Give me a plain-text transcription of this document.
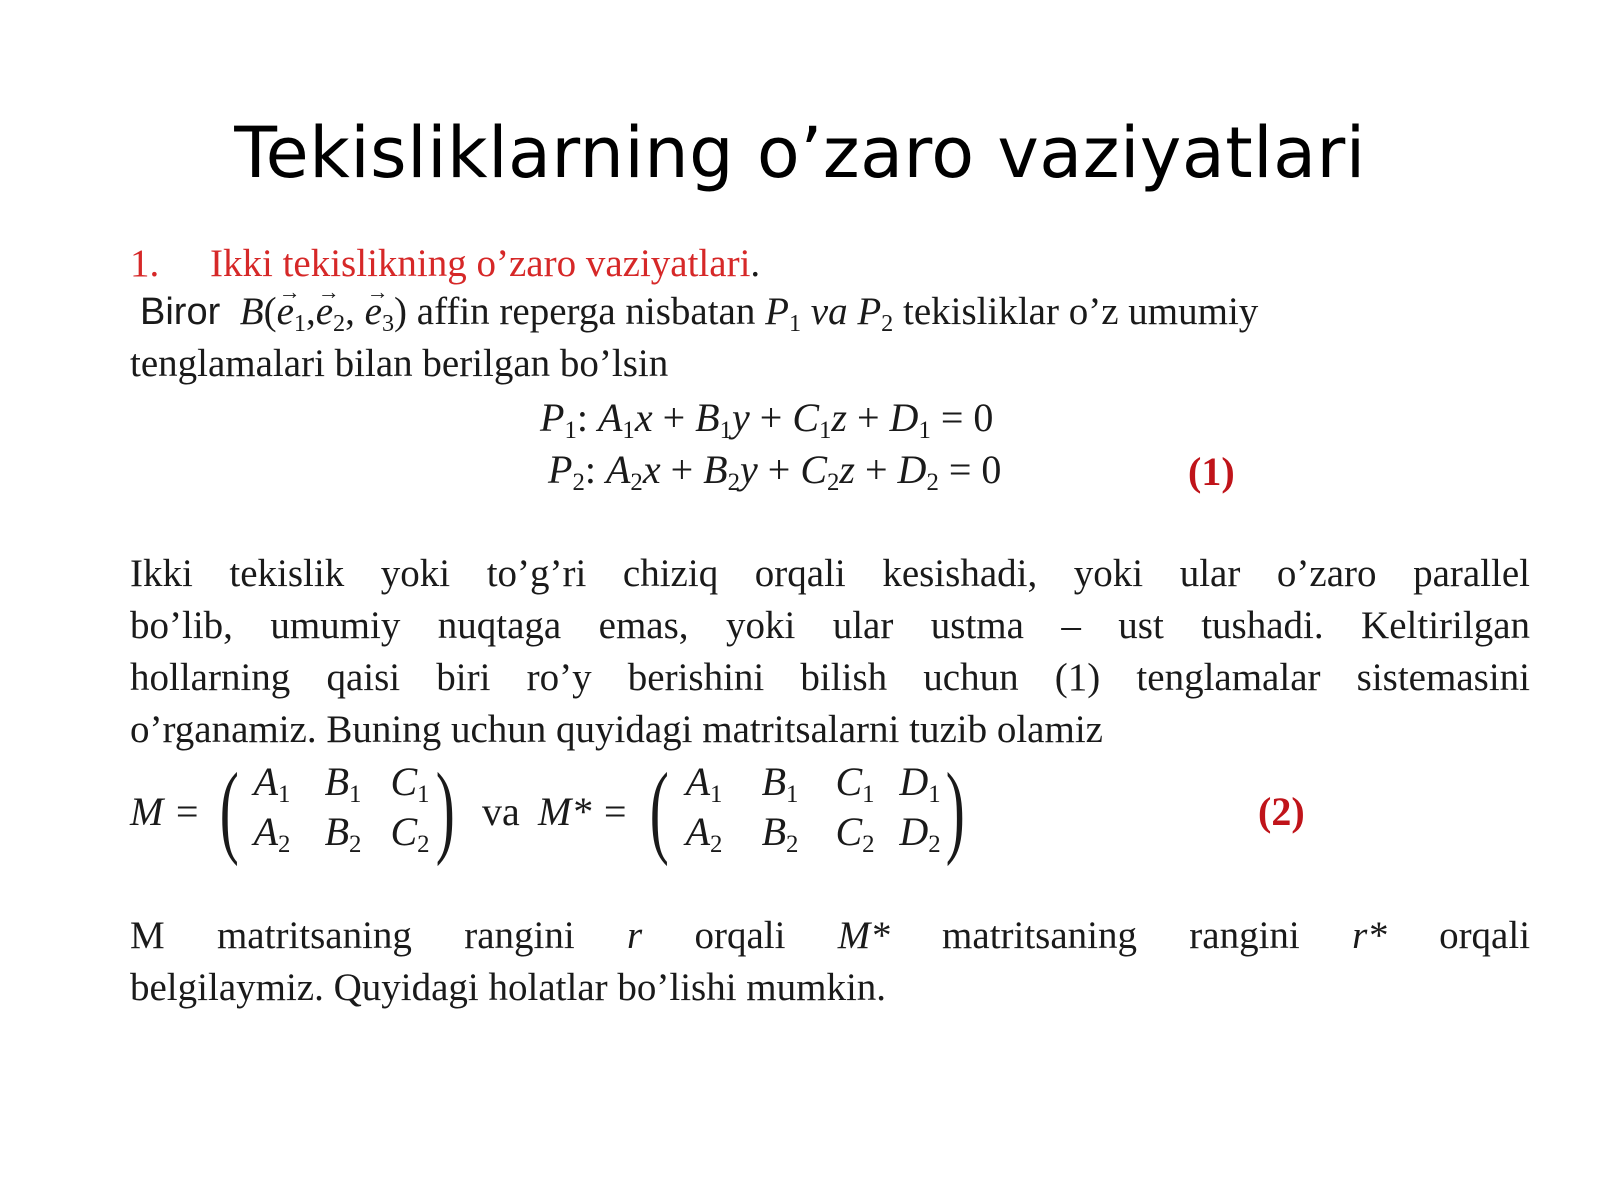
Tekisliklarning o’zaro vaziyatlari
1. Ikki tekislikning o’zaro vaziyatlari.
Biror $B(\to e_1,\to e_2$, → $e_3$) affin reperga nisbatan $P_1$ va $P_2$ tekisliklar o’z umumiy
tenglamalari bilan berilgan bo’lsin
$P_1$: $A_1x + B_1y + C_1z + D_1 = 0$
$P_2$: $A_2x + B_2y + C_2z + D_2 = 0$	(1)
Ikki tekislik yoki to’g’ri chiziq orqali kesishadi, yoki ular o’zaro parallel
bo’lib, umumiy nuqtaga emas, yoki ular ustma – ust tushadi. Keltirilgan
hollarning qaisi biri ro’y berishini bilish uchun (1) tenglamalar sistemasini
o’rganamiz. Buning uchun quyidagi matritsalarni tuzib olamiz
M = ( $A_1$ $B_1$ $C_1$
$A_2$ $B_2$ $C_2$ ) va M* = ( $A_1$ $B_1$ $C_1$ $D_1$
$A_2$ $B_2$ $C_2$ $D_2$ )	(2)
M matritsaning rangini r orqali M* matritsaning rangini r* orqali
belgilaymiz. Quyidagi holatlar bo’lishi mumkin.
